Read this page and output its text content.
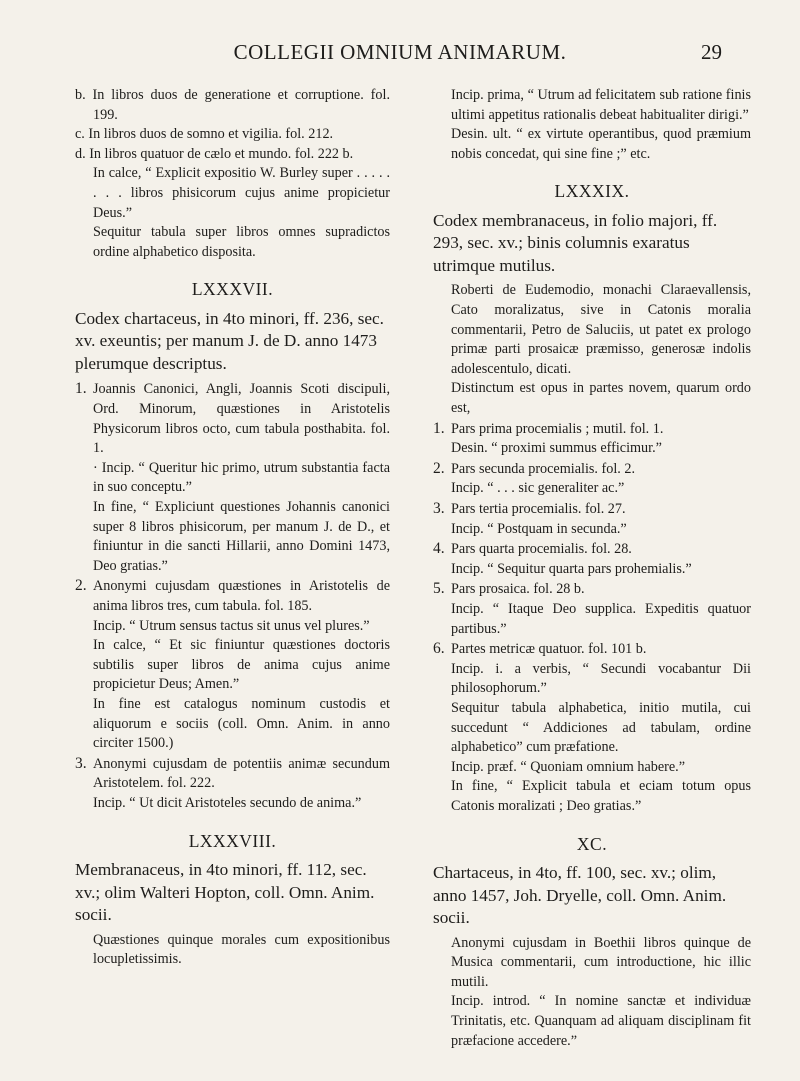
COLLEGII OMNIUM ANIMARUM.	29

b. In libros duos de generatione et corruptione. fol. 199.

c. In libros duos de somno et vigilia. fol. 212.

d. In libros quatuor de cælo et mundo. fol. 222 b.

In calce, “ Explicit expositio W. Burley super . . . . . . . . libros phisicorum cujus anime propicietur Deus.”

Sequitur tabula super libros omnes supradictos ordine alphabetico disposita.

LXXXVII.

Codex chartaceus, in 4to minori, ff. 236, sec. xv. exeuntis; per manum J. de D. anno 1473 plerumque descriptus.

1. Joannis Canonici, Angli, Joannis Scoti discipuli, Ord. Minorum, quæstiones in Aristotelis Physicorum libros octo, cum tabula posthabita. fol. 1.

· Incip. “ Queritur hic primo, utrum substantia facta in suo conceptu.”

In fine, “ Expliciunt questiones Johannis canonici super 8 libros phisicorum, per manum J. de D., et finiuntur in die sancti Hillarii, anno Domini 1473, Deo gratias.”

2. Anonymi cujusdam quæstiones in Aristotelis de anima libros tres, cum tabula. fol. 185.

Incip. “ Utrum sensus tactus sit unus vel plures.”

In calce, “ Et sic finiuntur quæstiones doctoris subtilis super libros de anima cujus anime propicietur Deus; Amen.”

In fine est catalogus nominum custodis et aliquorum e sociis (coll. Omn. Anim. in anno circiter 1500.)

3. Anonymi cujusdam de potentiis animæ secundum Aristotelem. fol. 222.

Incip. “ Ut dicit Aristoteles secundo de anima.”

LXXXVIII.

Membranaceus, in 4to minori, ff. 112, sec. xv.; olim Walteri Hopton, coll. Omn. Anim. socii.

Quæstiones quinque morales cum expositionibus locupletissimis.

Incip. prima, “ Utrum ad felicitatem sub ratione finis ultimi appetitus rationalis debeat habitualiter dirigi.”

Desin. ult. “ ex virtute operantibus, quod præmium nobis concedat, qui sine fine ;” etc.

LXXXIX.

Codex membranaceus, in folio majori, ff. 293, sec. xv.; binis columnis exaratus utrimque mutilus.

Roberti de Eudemodio, monachi Claraevallensis, Cato moralizatus, sive in Catonis moralia commentarii, Petro de Saluciis, ut patet ex prologo primæ parti prosaicæ præmisso, generosæ indolis adolescentulo, dicati.

Distinctum est opus in partes novem, quarum ordo est,

1. Pars prima procemialis ; mutil. fol. 1.

Desin. “ proximi summus efficimur.”

2. Pars secunda procemialis. fol. 2.

Incip. “ . . . sic generaliter ac.”

3. Pars tertia procemialis. fol. 27.

Incip. “ Postquam in secunda.”

4. Pars quarta procemialis. fol. 28.

Incip. “ Sequitur quarta pars prohemialis.”

5. Pars prosaica. fol. 28 b.

Incip. “ Itaque Deo supplica. Expeditis quatuor partibus.”

6. Partes metricæ quatuor. fol. 101 b.

Incip. i. a verbis, “ Secundi vocabantur Dii philosophorum.”

Sequitur tabula alphabetica, initio mutila, cui succedunt “ Addiciones ad tabulam, ordine alphabetico” cum præfatione.

Incip. præf. “ Quoniam omnium habere.”

In fine, “ Explicit tabula et eciam totum opus Catonis moralizati ; Deo gratias.”

XC.

Chartaceus, in 4to, ff. 100, sec. xv.; olim, anno 1457, Joh. Dryelle, coll. Omn. Anim. socii.

Anonymi cujusdam in Boethii libros quinque de Musica commentarii, cum introductione, hic illic mutili.

Incip. introd. “ In nomine sanctæ et individuæ Trinitatis, etc. Quanquam ad aliquam disciplinam fit præfacione accedere.”
